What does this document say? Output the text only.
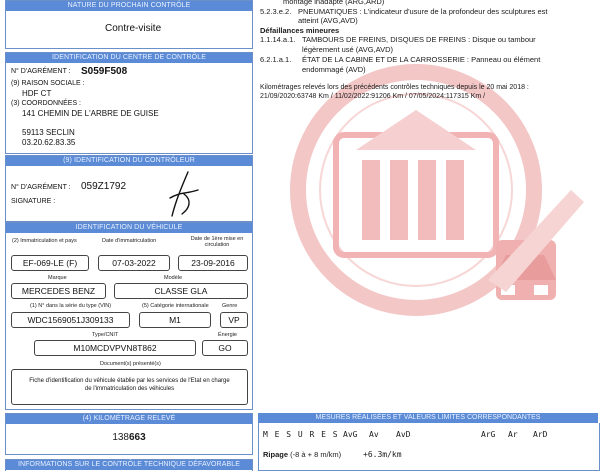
NATURE DU PROCHAIN CONTRÔLE
Contre-visite
IDENTIFICATION DU CENTRE DE CONTRÔLE
N° D'AGRÉMENT : S059F508
(9) RAISON SOCIALE :
HDF CT
(3) COORDONNÉES :
141 CHEMIN DE L'ARBRE DE GUISE
59113 SECLIN
03.20.62.83.35
(9) IDENTIFICATION DU CONTRÔLEUR
N° D'AGRÉMENT : 059Z1792
SIGNATURE :
IDENTIFICATION DU VÉHICULE
(2) Immatriculation et pays	Date d'immatriculation	Date de 1ère mise en circulation
EF-069-LE (F)	07-03-2022	23-09-2016
Marque	Modèle
MERCEDES BENZ	CLASSE GLA
(1) N° dans la série du type (VIN)	(5) Catégorie internationale Genre
WDC1569051J309133	M1	VP
Type/CNIT	Énergie
M10MCDVPVN8T862	GO
Document(s) présenté(s)
Fiche d'identification du véhicule établie par les services de l'Etat en charge
de l'immatriculation des véhicules
(4) KILOMÉTRAGE RELEVÉ
138663
INFORMATIONS SUR LE CONTRÔLE TECHNIQUE DÉFAVORABLE
montage inadapté (ARG,ARD)
5.2.3.e.2. PNEUMATIQUES : L'indicateur d'usure de la profondeur des sculptures est
atteint (AVG,AVD)
Défaillances mineures
1.1.14.a.1. TAMBOURS DE FREINS, DISQUES DE FREINS : Disque ou tambour
légèrement usé (AVG,AVD)
6.2.1.a.1. ÉTAT DE LA CABINE ET DE LA CARROSSERIE : Panneau ou élément
endommagé (AVD)
Kilométrages relevés lors des précédents contrôles techniques depuis le 20 mai 2018 :
21/09/2020:63748 Km / 11/02/2022:91206 Km / 07/05/2024:117315 Km /
MESURES RÉALISÉES ET VALEURS LIMITES CORRESPONDANTES
M E S U R E S AvG Av AvD	ArG Ar ArD
Ripage (-8 à + 8 m/km)	+6.3m/km
